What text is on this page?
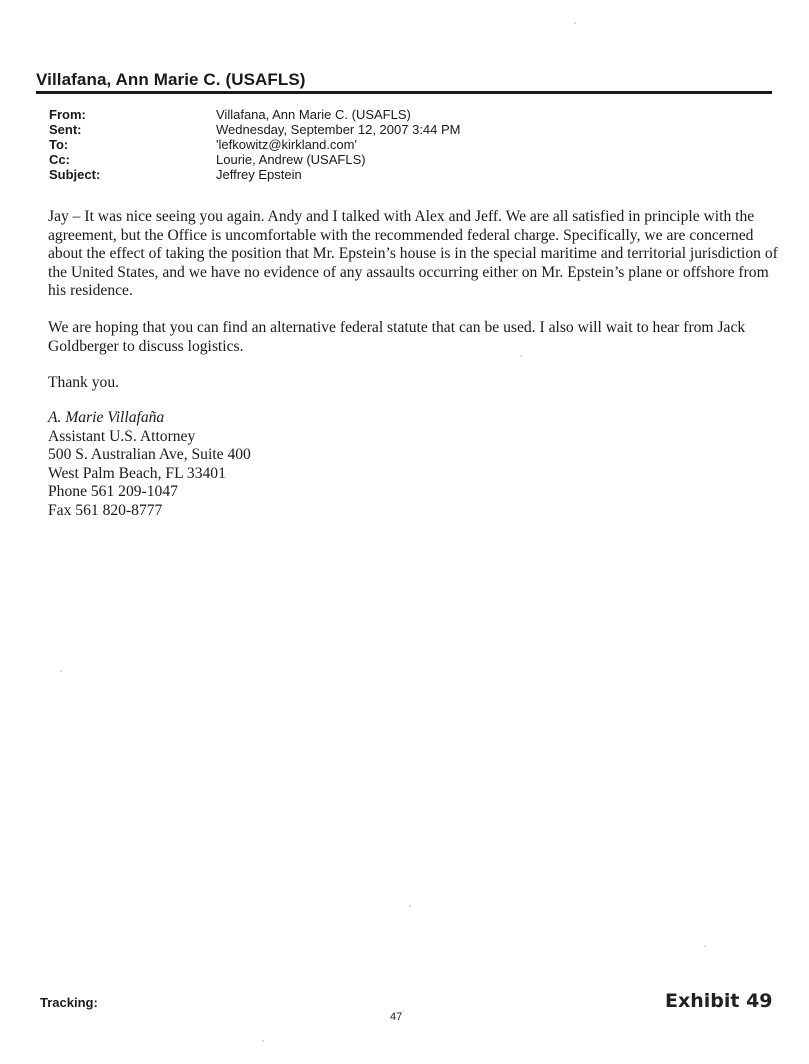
Villafana, Ann Marie C. (USAFLS)
From:	Villafana, Ann Marie C. (USAFLS)
Sent:	Wednesday, September 12, 2007 3:44 PM
To:	'lefkowitz@kirkland.com'
Cc:	Lourie, Andrew (USAFLS)
Subject:	Jeffrey Epstein

Jay – It was nice seeing you again. Andy and I talked with Alex and Jeff. We are all satisfied in principle with the agreement, but the Office is uncomfortable with the recommended federal charge. Specifically, we are concerned about the effect of taking the position that Mr. Epstein’s house is in the special maritime and territorial jurisdiction of the United States, and we have no evidence of any assaults occurring either on Mr. Epstein’s plane or offshore from his residence.

We are hoping that you can find an alternative federal statute that can be used. I also will wait to hear from Jack Goldberger to discuss logistics.

Thank you.

A. Marie Villafaña
Assistant U.S. Attorney
500 S. Australian Ave, Suite 400
West Palm Beach, FL 33401
Phone 561 209-1047
Fax 561 820-8777
Tracking:
47
Exhibit 49
